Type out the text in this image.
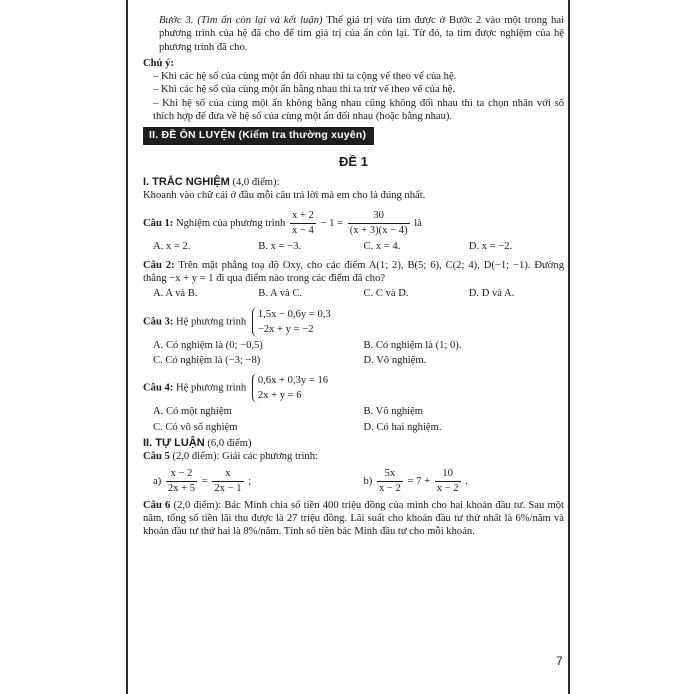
Bước 3. (Tìm ẩn còn lại và kết luận) Thế giá trị vừa tìm được ở Bước 2 vào một trong hai phương trình của hệ đã cho để tìm giá trị của ẩn còn lại. Từ đó, ta tìm được nghiệm của hệ phương trình đã cho.

Chú ý:

– Khi các hệ số của cùng một ẩn đối nhau thì ta cộng vế theo vế của hệ.

– Khi các hệ số của cùng một ẩn bằng nhau thì ta trừ vế theo vế của hệ.

– Khi hệ số của cùng một ẩn không bằng nhau cũng không đối nhau thì ta chọn nhân với số thích hợp để đưa về hệ số của cùng một ẩn đối nhau (hoặc bằng nhau).

II. ĐỀ ÔN LUYỆN (Kiểm tra thường xuyên)
ĐỀ 1

I. TRẮC NGHIỆM (4,0 điểm):

Khoanh vào chữ cái ở đầu mỗi câu trả lời mà em cho là đúng nhất.

Câu 1: Nghiệm của phương trình $\frac{x + 2}{x - 4} - 1 = \frac{30}{(x + 3)(x - 4)}$ là
A. x = 2.	B. x = −3.	C. x = 4.	D. x = −2.

Câu 2: Trên mặt phẳng toạ độ Oxy, cho các điểm A(1; 2), B(5; 6), C(2; 4), D(−1; −1). Đường thẳng −x + y = 1 đi qua điểm nào trong các điểm đã cho?

A. A và B.	B. A và C.	C. C và D.	D. D và A.
Câu 3: Hệ phương trình
1,5x − 0,6y = 0,3
−2x + y = −2
A. Có nghiệm là (0; −0,5)	B. Có nghiệm là (1; 0).
C. Có nghiệm là (−3; −8)	D. Vô nghiệm.
Câu 4: Hệ phương trình
0,6x + 0,3y = 16
2x + y = 6
A. Có một nghiệm	B. Vô nghiệm
C. Có vô số nghiệm	D. Có hai nghiệm.

II. TỰ LUẬN (6,0 điểm)

Câu 5 (2,0 điểm): Giải các phương trình:

$a) \frac{x - 2}{2x + 5} = \frac{x}{2x - 1}$ ;	$b) \frac{5x}{x - 2} = 7 + \frac{10}{x - 2}$ .

Câu 6 (2,0 điểm): Bác Minh chia số tiền 400 triệu đồng của mình cho hai khoản đầu tư. Sau một năm, tổng số tiền lãi thu được là 27 triệu đồng. Lãi suất cho khoản đầu tư thứ nhất là 6%/năm và khoản đầu tư thứ hai là 8%/năm. Tính số tiền bác Minh đầu tư cho mỗi khoản.

7
